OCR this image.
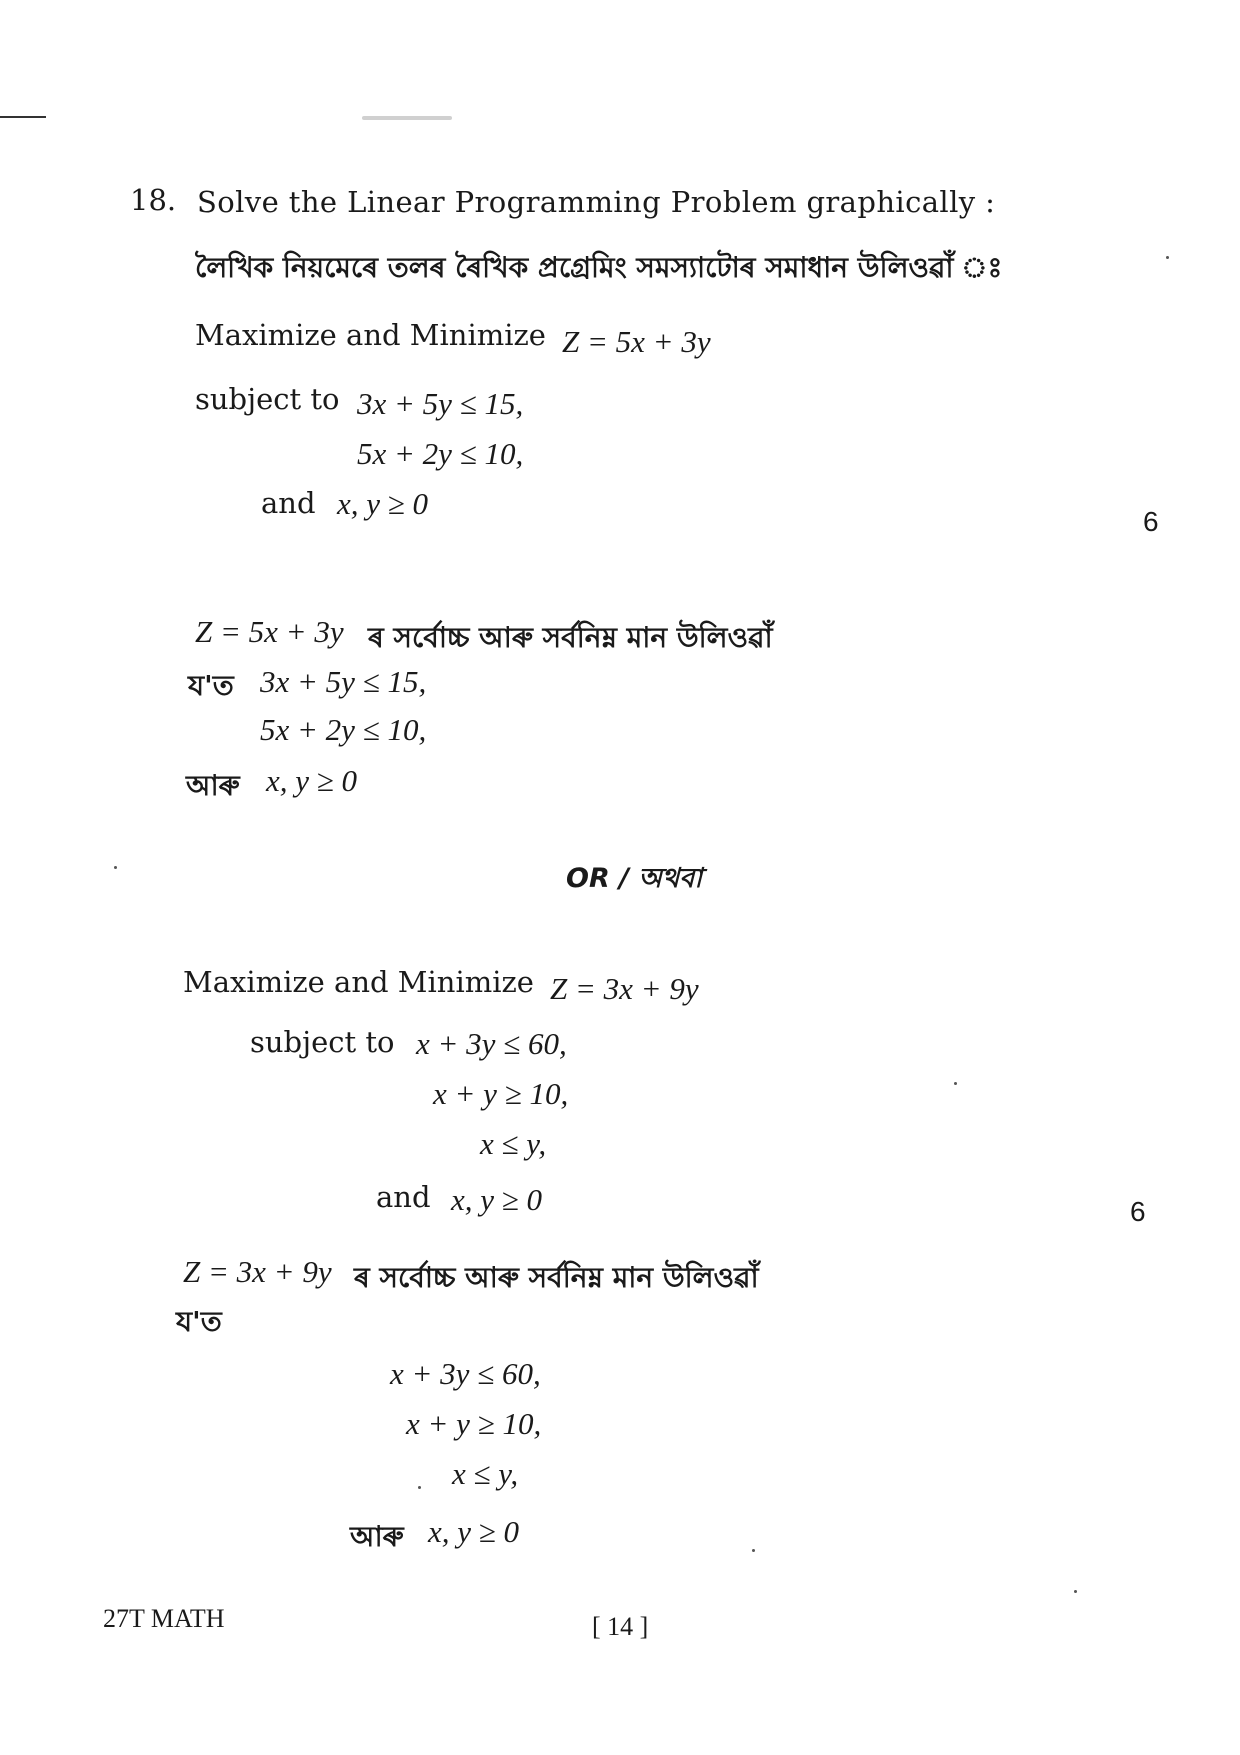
18. Solve the Linear Programming Problem graphically :
লৈখিক নিয়মেৰে তলৰ ৰৈখিক প্ৰগ্ৰেমিং সমস্যাটোৰ সমাধান উলিওৱাঁ ঃ
Maximize and Minimize Z = 5x + 3y
subject to 3x + 5y ≤ 15,
5x + 2y ≤ 10,
and x, y ≥ 0
6
Z = 5x + 3y ৰ সৰ্বোচ্চ আৰু সৰ্বনিম্ন মান উলিওৱাঁ
য'ত 3x + 5y ≤ 15,
5x + 2y ≤ 10,
আৰু x, y ≥ 0
OR / অথবা
Maximize and Minimize Z = 3x + 9y
subject to x + 3y ≤ 60,
x + y ≥ 10,
x ≤ y,
and x, y ≥ 0	6
Z = 3x + 9y ৰ সৰ্বোচ্চ আৰু সৰ্বনিম্ন মান উলিওৱাঁ
য'ত
x + 3y ≤ 60,
x + y ≥ 10,
x ≤ y,
আৰু x, y ≥ 0
27T MATH	[ 14 ]
